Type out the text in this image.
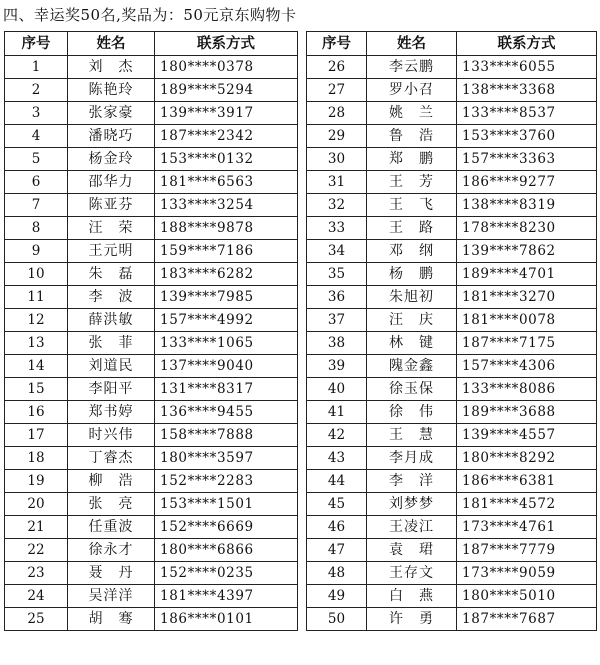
四、幸运奖50名,奖品为：50元京东购物卡
序号	姓名	联系方式
1	刘　杰	180****0378
2	陈艳玲	189****5294
3	张家豪	139****3917
4	潘晓巧	187****2342
5	杨金玲	153****0132
6	邵华力	181****6563
7	陈亚芬	133****3254
8	汪　荣	188****9878
9	王元明	159****7186
10	朱　磊	183****6282
11	李　波	139****7985
12	薛洪敏	157****4992
13	张　菲	133****1065
14	刘道民	137****9040
15	李阳平	131****8317
16	郑书婷	136****9455
17	时兴伟	158****7888
18	丁睿杰	180****3597
19	柳　浩	152****2283
20	张　亮	153****1501
21	任重波	152****6669
22	徐永才	180****6866
23	聂　丹	152****0235
24	吴洋洋	181****4397
25	胡　骞	186****0101
序号	姓名	联系方式
26	李云鹏	133****6055
27	罗小召	138****3368
28	姚　兰	133****8537
29	鲁　浩	153****3760
30	郑　鹏	157****3363
31	王　芳	186****9277
32	王　飞	138****8319
33	王　路	178****8230
34	邓　纲	139****7862
35	杨　鹏	189****4701
36	朱旭初	181****3270
37	汪　庆	181****0078
38	林　键	187****7175
39	隗金鑫	157****4306
40	徐玉保	133****8086
41	徐　伟	189****3688
42	王　慧	139****4557
43	李月成	180****8292
44	李　洋	186****6381
45	刘梦梦	181****4572
46	王凌江	173****4761
47	袁　珺	187****7779
48	王存文	173****9059
49	白　燕	180****5010
50	许　勇	187****7687
